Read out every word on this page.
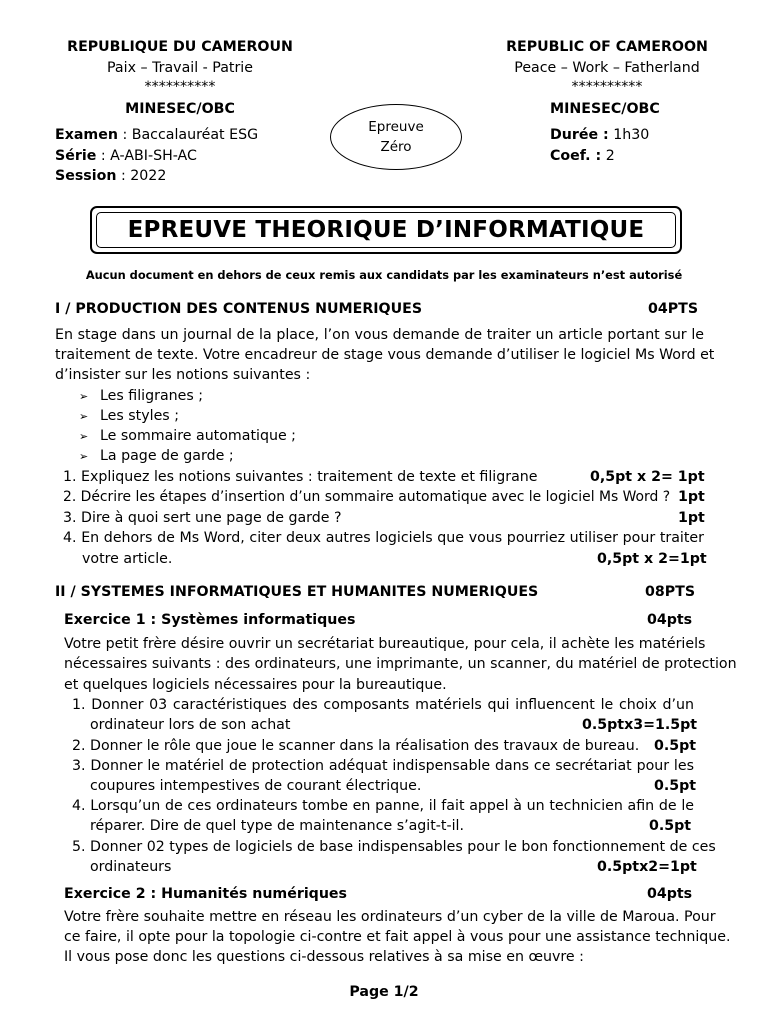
REPUBLIQUE DU CAMEROUN
Paix – Travail - Patrie
**********
MINESEC/OBC
Examen : Baccalauréat ESG
Série : A-ABI-SH-AC
Session : 2022
Epreuve
Zéro
REPUBLIC OF CAMEROON
Peace – Work – Fatherland
**********
MINESEC/OBC
Durée : 1h30
Coef. : 2
EPREUVE THEORIQUE D’INFORMATIQUE
Aucun document en dehors de ceux remis aux candidats par les examinateurs n’est autorisé
I / PRODUCTION DES CONTENUS NUMERIQUES	04PTS
En stage dans un journal de la place, l’on vous demande de traiter un article portant sur le
traitement de texte. Votre encadreur de stage vous demande d’utiliser le logiciel Ms Word et
d’insister sur les notions suivantes :
➢ Les filigranes ;
➢ Les styles ;
➢ Le sommaire automatique ;
➢ La page de garde ;
1. Expliquez les notions suivantes : traitement de texte et filigrane	0,5pt x 2= 1pt
2. Décrire les étapes d’insertion d’un sommaire automatique avec le logiciel Ms Word ? 1pt
3. Dire à quoi sert une page de garde ?	1pt
4. En dehors de Ms Word, citer deux autres logiciels que vous pourriez utiliser pour traiter
votre article.	0,5pt x 2=1pt
II / SYSTEMES INFORMATIQUES ET HUMANITES NUMERIQUES	08PTS
Exercice 1 : Systèmes informatiques	04pts
Votre petit frère désire ouvrir un secrétariat bureautique, pour cela, il achète les matériels
nécessaires suivants : des ordinateurs, une imprimante, un scanner, du matériel de protection
et quelques logiciels nécessaires pour la bureautique.
1. Donner 03 caractéristiques des composants matériels qui influencent le choix d’un
ordinateur lors de son achat	0.5ptx3=1.5pt
2. Donner le rôle que joue le scanner dans la réalisation des travaux de bureau. 0.5pt
3. Donner le matériel de protection adéquat indispensable dans ce secrétariat pour les
coupures intempestives de courant électrique.	0.5pt
4. Lorsqu’un de ces ordinateurs tombe en panne, il fait appel à un technicien afin de le
réparer. Dire de quel type de maintenance s’agit-t-il.	0.5pt
5. Donner 02 types de logiciels de base indispensables pour le bon fonctionnement de ces
ordinateurs	0.5ptx2=1pt
Exercice 2 : Humanités numériques	04pts
Votre frère souhaite mettre en réseau les ordinateurs d’un cyber de la ville de Maroua. Pour
ce faire, il opte pour la topologie ci-contre et fait appel à vous pour une assistance technique.
Il vous pose donc les questions ci-dessous relatives à sa mise en œuvre :
Page 1/2
